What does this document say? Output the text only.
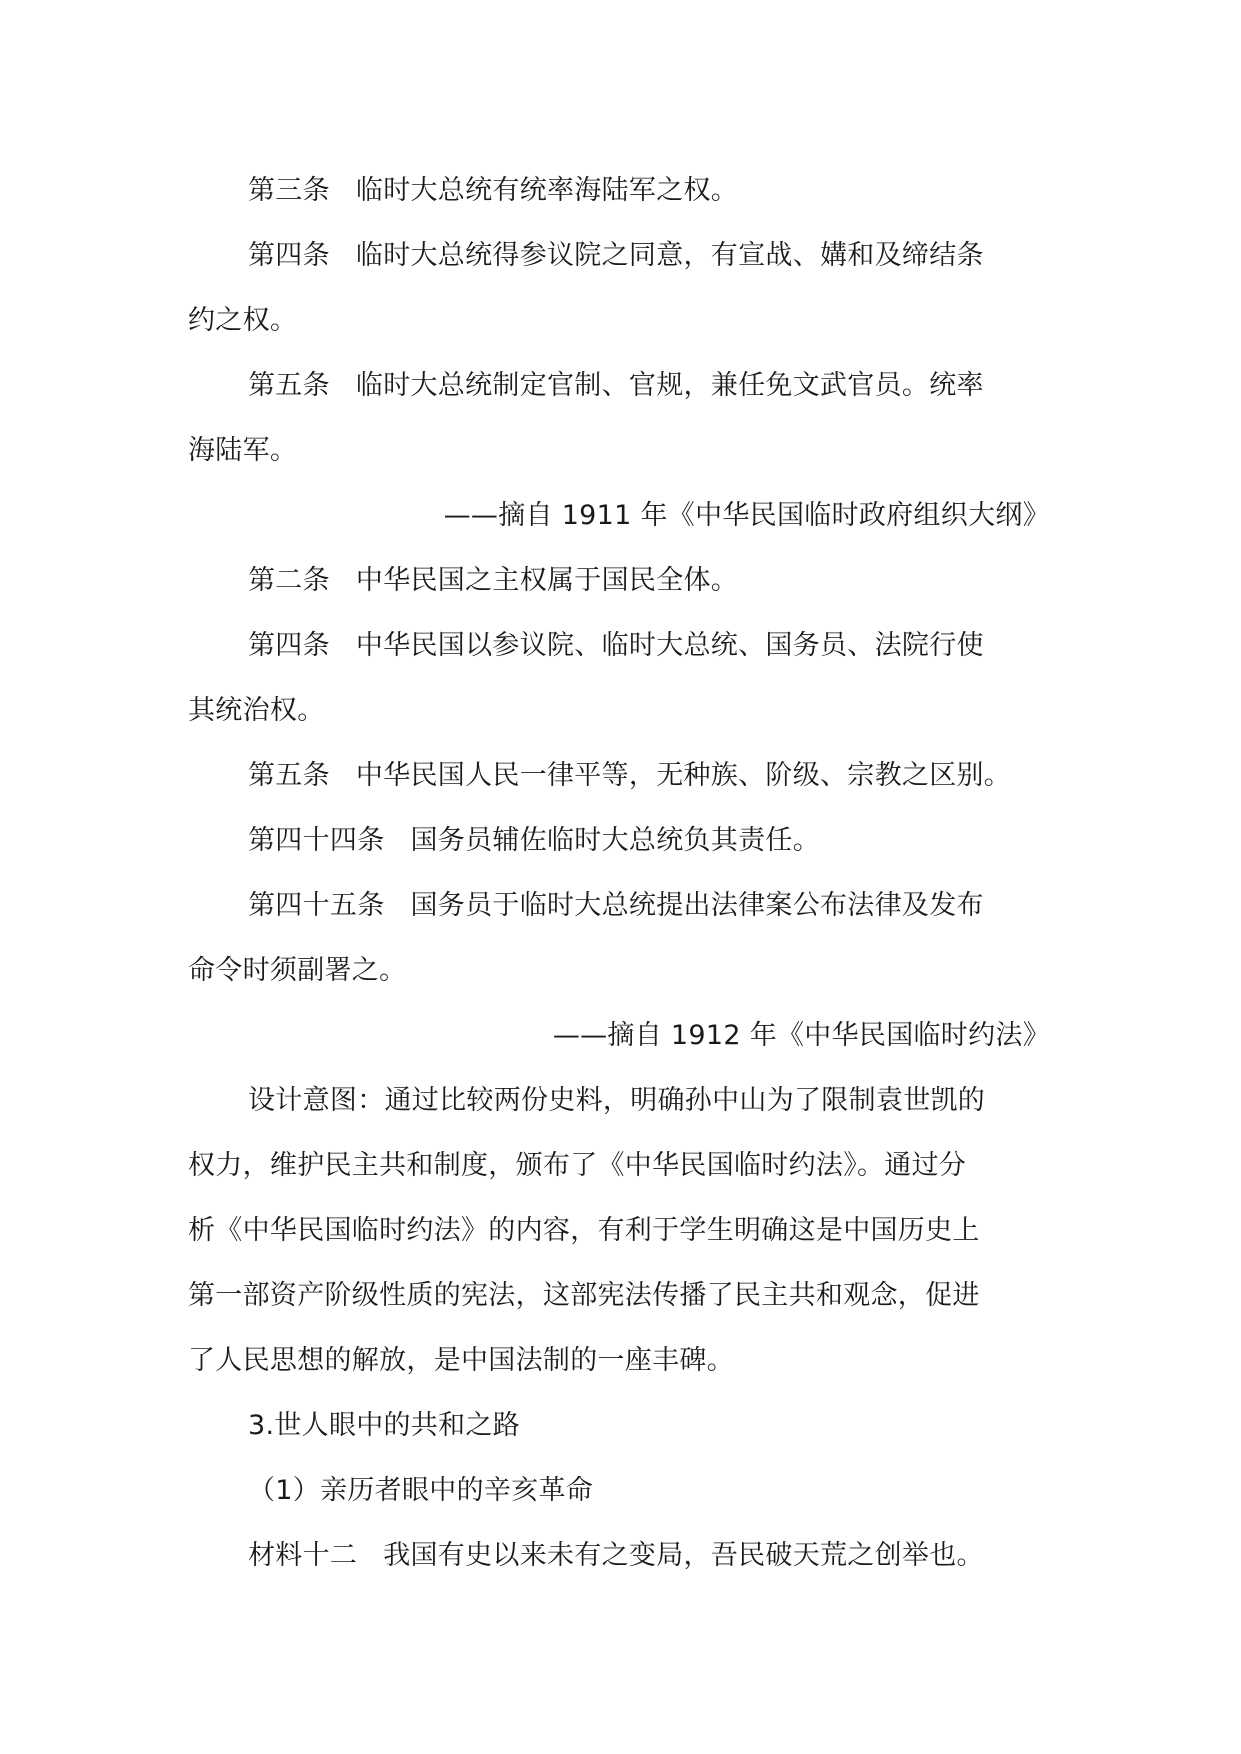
第三条 临时大总统有统率海陆军之权。
第四条 临时大总统得参议院之同意，有宣战、媾和及缔结条
约之权。
第五条 临时大总统制定官制、官规，兼任免文武官员。统率
海陆军。
——摘自 1911 年《中华民国临时政府组织大纲》
第二条 中华民国之主权属于国民全体。
第四条 中华民国以参议院、临时大总统、国务员、法院行使
其统治权。
第五条 中华民国人民一律平等，无种族、阶级、宗教之区别。
第四十四条 国务员辅佐临时大总统负其责任。
第四十五条 国务员于临时大总统提出法律案公布法律及发布
命令时须副署之。
——摘自 1912 年《中华民国临时约法》
设计意图：通过比较两份史料，明确孙中山为了限制袁世凯的
权力，维护民主共和制度，颁布了《中华民国临时约法》。通过分
析《中华民国临时约法》的内容，有利于学生明确这是中国历史上
第一部资产阶级性质的宪法，这部宪法传播了民主共和观念，促进
了人民思想的解放，是中国法制的一座丰碑。
3.世人眼中的共和之路
（1）亲历者眼中的辛亥革命
材料十二 我国有史以来未有之变局，吾民破天荒之创举也。
